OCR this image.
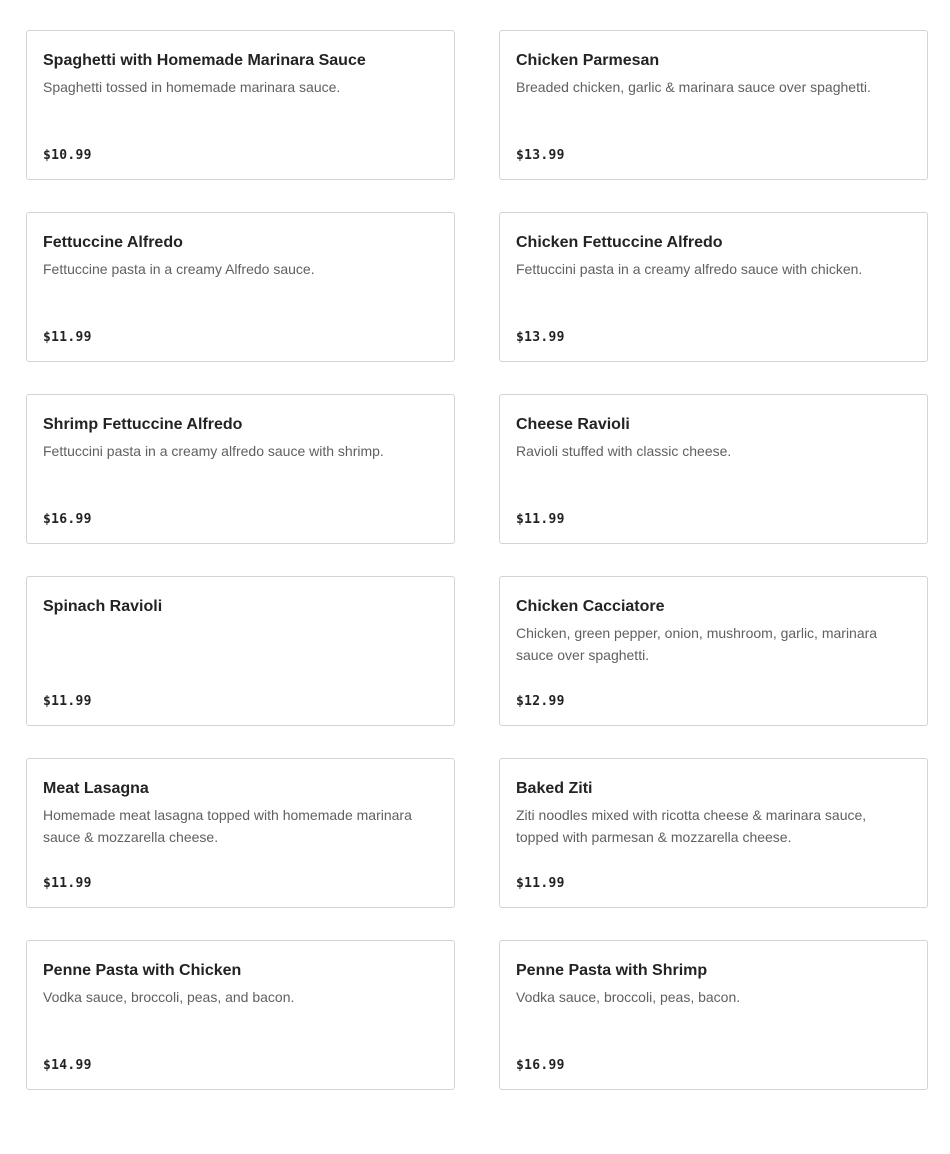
Spaghetti with Homemade Marinara Sauce
Spaghetti tossed in homemade marinara sauce.
$10.99
Chicken Parmesan
Breaded chicken, garlic & marinara sauce over spaghetti.
$13.99
Fettuccine Alfredo
Fettuccine pasta in a creamy Alfredo sauce.
$11.99
Chicken Fettuccine Alfredo
Fettuccini pasta in a creamy alfredo sauce with chicken.
$13.99
Shrimp Fettuccine Alfredo
Fettuccini pasta in a creamy alfredo sauce with shrimp.
$16.99
Cheese Ravioli
Ravioli stuffed with classic cheese.
$11.99
Spinach Ravioli
$11.99
Chicken Cacciatore
Chicken, green pepper, onion, mushroom, garlic, marinara sauce over spaghetti.
$12.99
Meat Lasagna
Homemade meat lasagna topped with homemade marinara sauce & mozzarella cheese.
$11.99
Baked Ziti
Ziti noodles mixed with ricotta cheese & marinara sauce, topped with parmesan & mozzarella cheese.
$11.99
Penne Pasta with Chicken
Vodka sauce, broccoli, peas, and bacon.
$14.99
Penne Pasta with Shrimp
Vodka sauce, broccoli, peas, bacon.
$16.99
